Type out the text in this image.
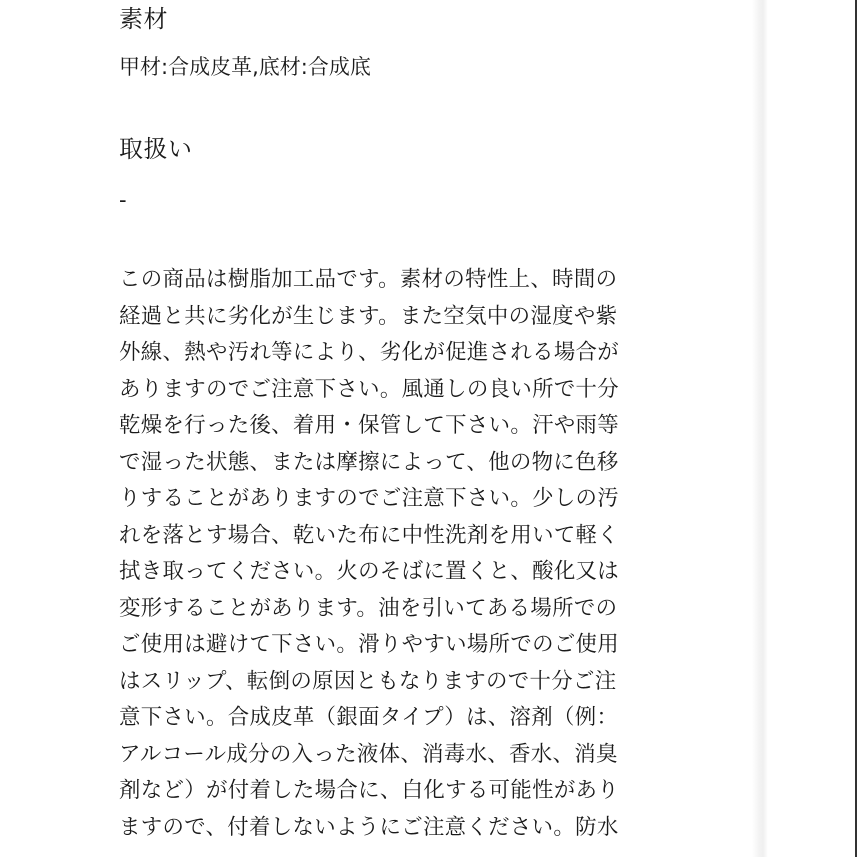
素材
甲材:合成皮革,底材:合成底
取扱い
-
この商品は樹脂加工品です。素材の特性上、時間の
経過と共に劣化が生じます。また空気中の湿度や紫
外線、熱や汚れ等により、劣化が促進される場合が
ありますのでご注意下さい。風通しの良い所で十分
乾燥を行った後、着用・保管して下さい。汗や雨等
で湿った状態、または摩擦によって、他の物に色移
りすることがありますのでご注意下さい。少しの汚
れを落とす場合、乾いた布に中性洗剤を用いて軽く
拭き取ってください。火のそばに置くと、酸化又は
変形することがあります。油を引いてある場所での
ご使用は避けて下さい。滑りやすい場所でのご使用
はスリップ、転倒の原因ともなりますので十分ご注
意下さい。合成皮革（銀面タイプ）は、溶剤（例：
アルコール成分の入った液体、消毒水、香水、消臭
剤など）が付着した場合に、白化する可能性があり
ますので、付着しないようにご注意ください。防水
